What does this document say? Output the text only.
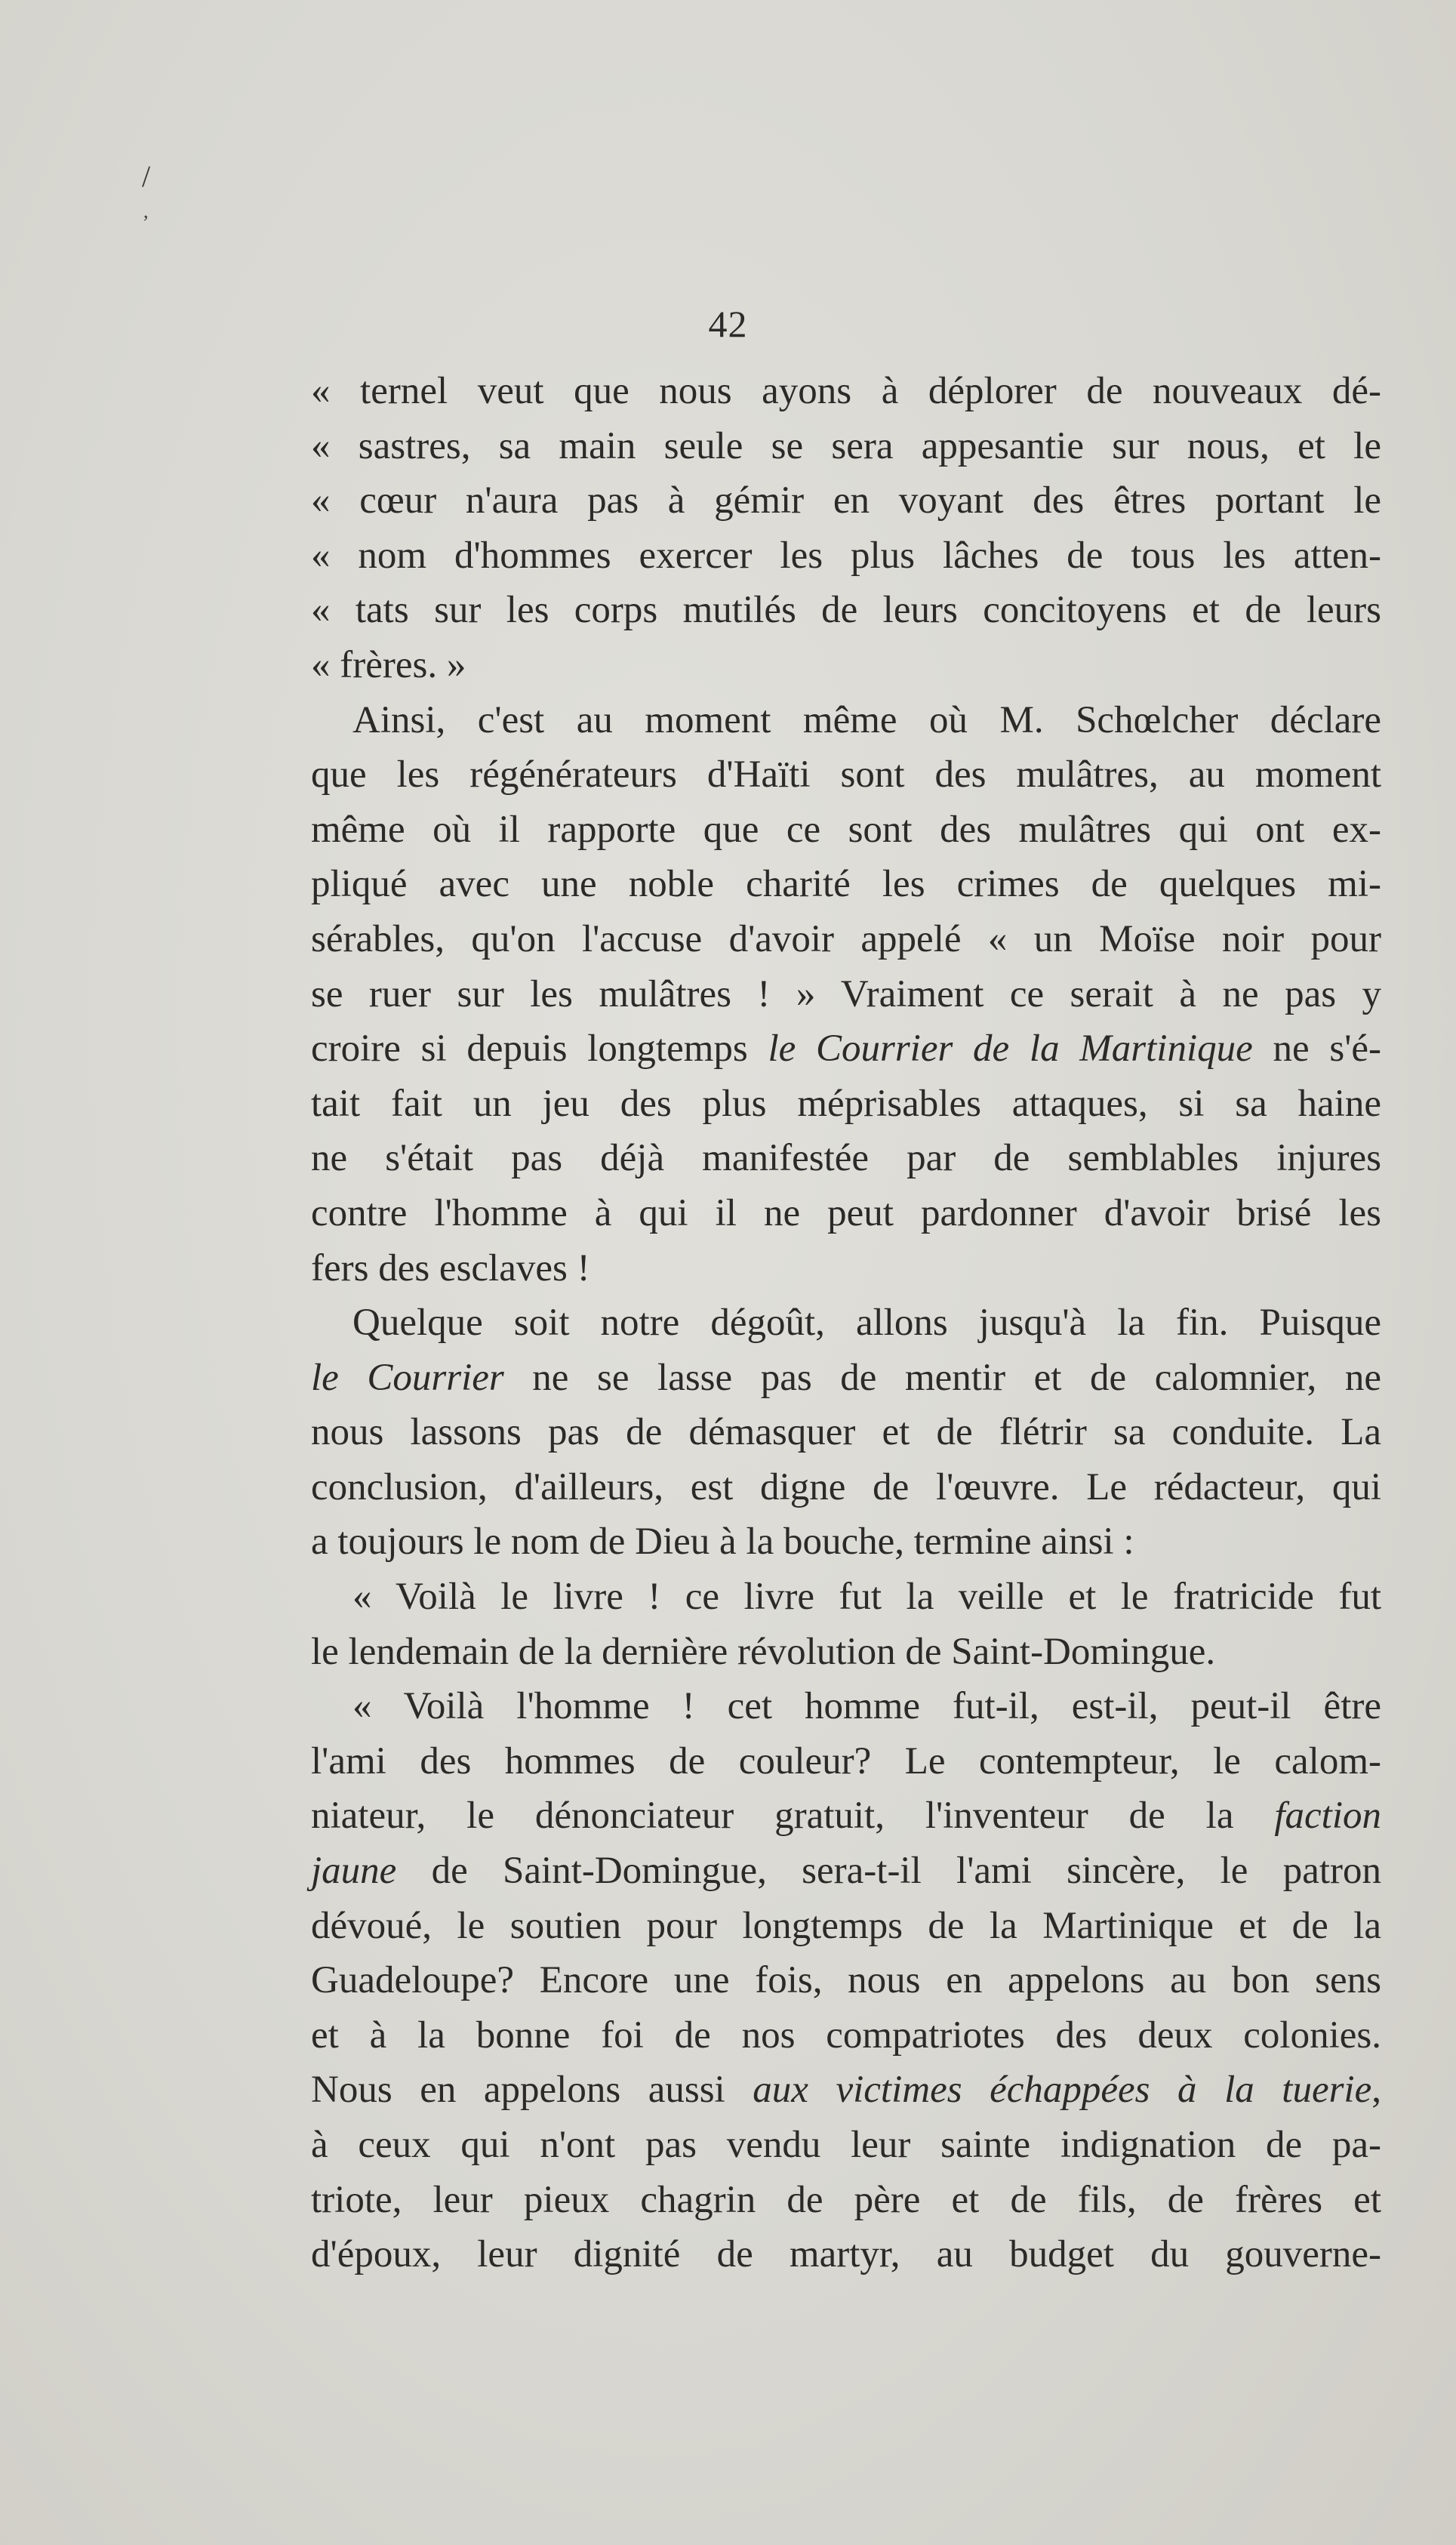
/
,
42
« ternel veut que nous ayons à déplorer de nouveaux dé-
« sastres, sa main seule se sera appesantie sur nous, et le
« cœur n'aura pas à gémir en voyant des êtres portant le
« nom d'hommes exercer les plus lâches de tous les atten-
« tats sur les corps mutilés de leurs concitoyens et de leurs
« frères. »
Ainsi, c'est au moment même où M. Schœlcher déclare
que les régénérateurs d'Haïti sont des mulâtres, au moment
même où il rapporte que ce sont des mulâtres qui ont ex-
pliqué avec une noble charité les crimes de quelques mi-
sérables, qu'on l'accuse d'avoir appelé « un Moïse noir pour
se ruer sur les mulâtres ! » Vraiment ce serait à ne pas y
croire si depuis longtemps le Courrier de la Martinique ne s'é-
tait fait un jeu des plus méprisables attaques, si sa haine
ne s'était pas déjà manifestée par de semblables injures
contre l'homme à qui il ne peut pardonner d'avoir brisé les
fers des esclaves !
Quelque soit notre dégoût, allons jusqu'à la fin. Puisque
le Courrier ne se lasse pas de mentir et de calomnier, ne
nous lassons pas de démasquer et de flétrir sa conduite. La
conclusion, d'ailleurs, est digne de l'œuvre. Le rédacteur, qui
a toujours le nom de Dieu à la bouche, termine ainsi :
« Voilà le livre ! ce livre fut la veille et le fratricide fut
le lendemain de la dernière révolution de Saint-Domingue.
« Voilà l'homme ! cet homme fut-il, est-il, peut-il être
l'ami des hommes de couleur? Le contempteur, le calom-
niateur, le dénonciateur gratuit, l'inventeur de la faction
jaune de Saint-Domingue, sera-t-il l'ami sincère, le patron
dévoué, le soutien pour longtemps de la Martinique et de la
Guadeloupe? Encore une fois, nous en appelons au bon sens
et à la bonne foi de nos compatriotes des deux colonies.
Nous en appelons aussi aux victimes échappées à la tuerie,
à ceux qui n'ont pas vendu leur sainte indignation de pa-
triote, leur pieux chagrin de père et de fils, de frères et
d'époux, leur dignité de martyr, au budget du gouverne-
